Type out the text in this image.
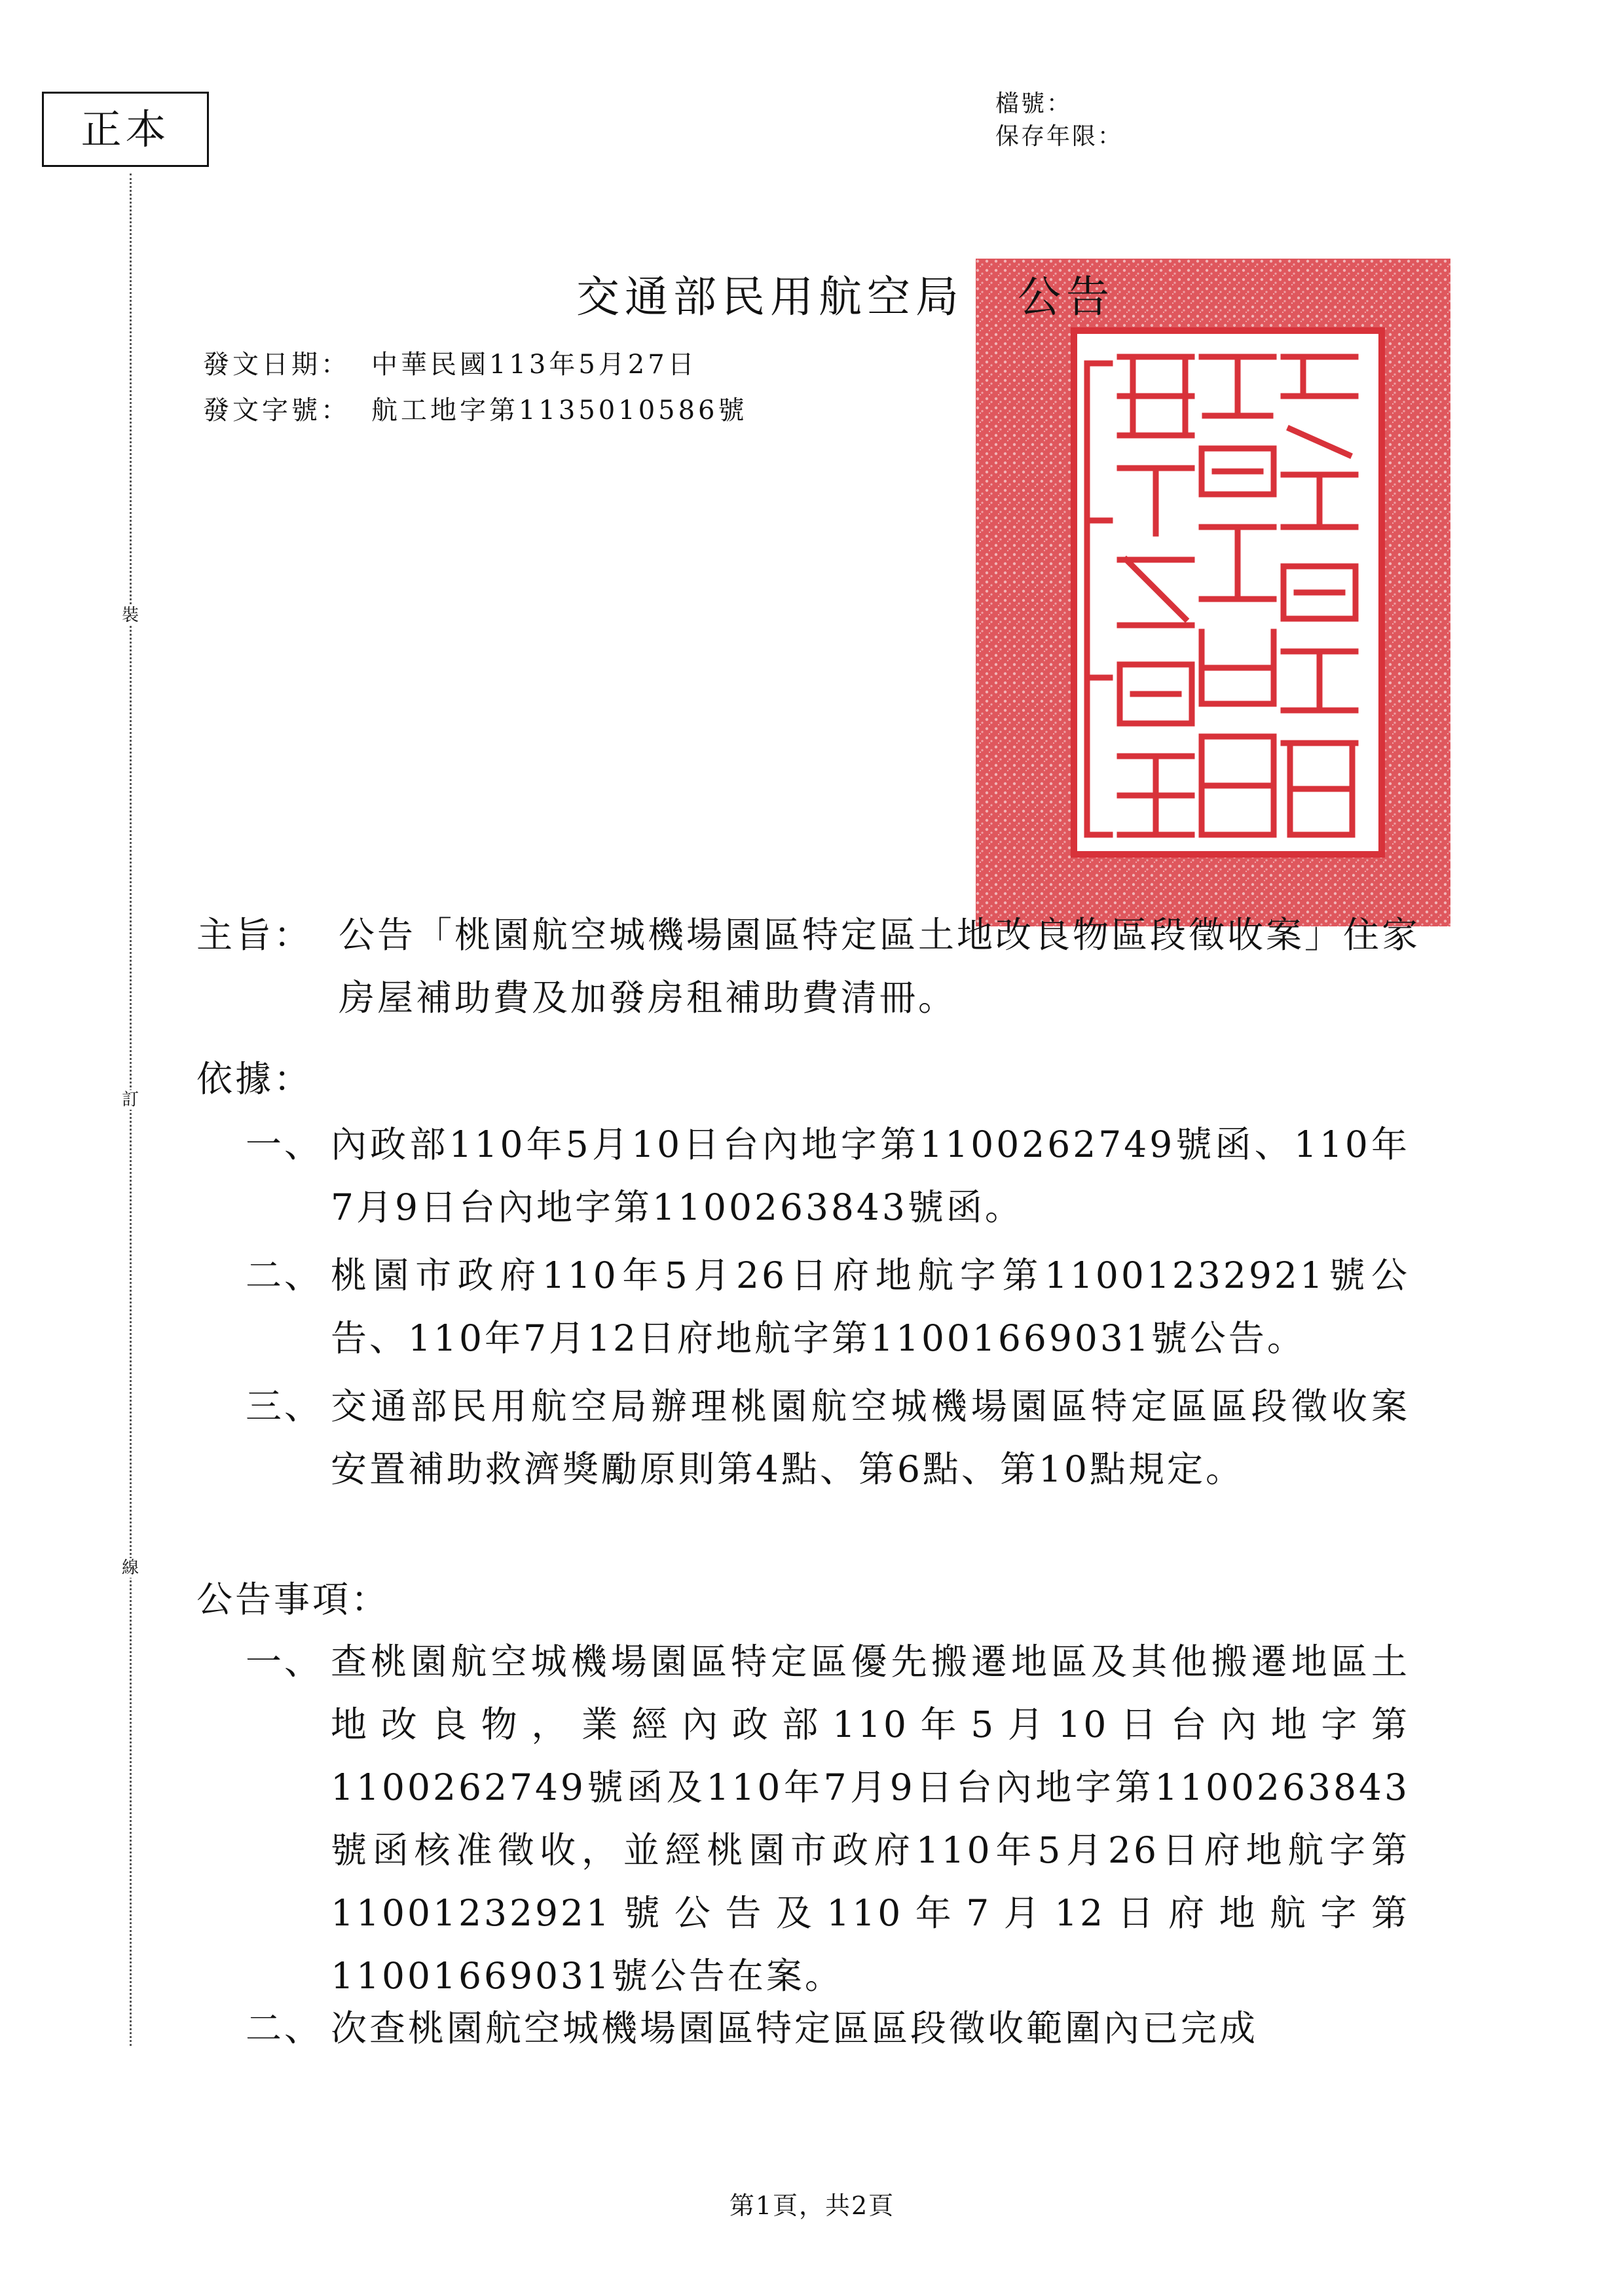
正本
裝
訂
線
檔號：
保存年限：
交通部民用航空局 公告
發文日期： 中華民國113年5月27日
發文字號： 航工地字第1135010586號
主旨： 公告「桃園航空城機場園區特定區土地改良物區段徵收案」住家房屋補助費及加發房租補助費清冊。
依據：
一、 內政部110年5月10日台內地字第1100262749號函、110年7月9日台內地字第1100263843號函。
二、 桃園市政府110年5月26日府地航字第11001232921號公告、110年7月12日府地航字第11001669031號公告。
三、 交通部民用航空局辦理桃園航空城機場園區特定區區段徵收案安置補助救濟獎勵原則第4點、第6點、第10點規定。
公告事項：
一、 查桃園航空城機場園區特定區優先搬遷地區及其他搬遷地區土地改良物，業經內政部110年5月10日台內地字第1100262749號函及110年7月9日台內地字第1100263843號函核准徵收，並經桃園市政府110年5月26日府地航字第11001232921號公告及110年7月12日府地航字第11001669031號公告在案。
二、 次查桃園航空城機場園區特定區區段徵收範圍內已完成
第1頁，共2頁
